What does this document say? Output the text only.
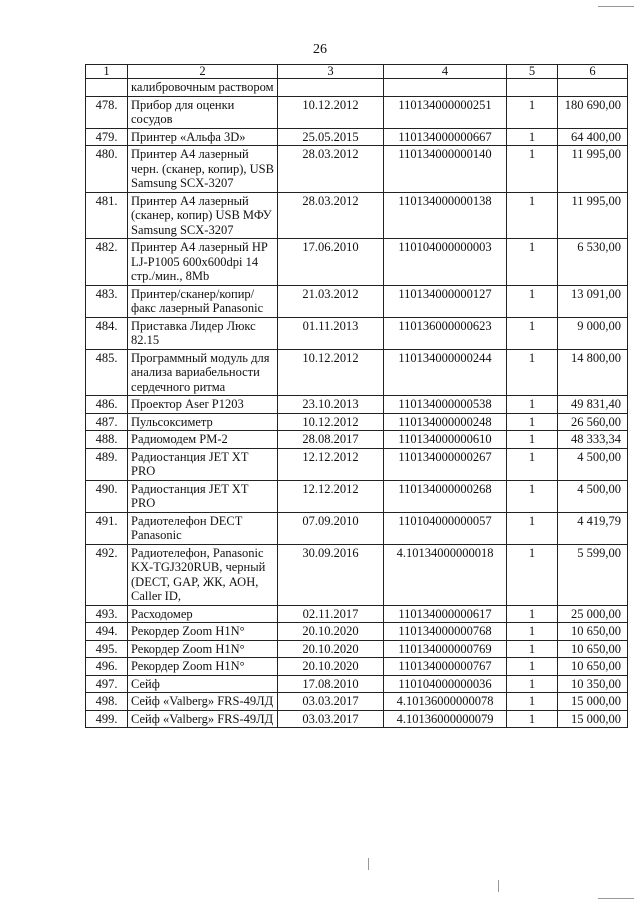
26
1	2	3	4	5	6
	калибровочным раствором				
478.	Прибор для оценки сосудов	10.12.2012	110134000000251	1	180 690,00
479.	Принтер «Альфа 3D»	25.05.2015	110134000000667	1	64 400,00
480.	Принтер А4 лазерный черн. (сканер, копир), USB Samsung SCX-3207	28.03.2012	110134000000140	1	11 995,00
481.	Принтер А4 лазерный (сканер, копир) USB МФУ Samsung SCX-3207	28.03.2012	110134000000138	1	11 995,00
482.	Принтер А4 лазерный HP LJ-P1005 600x600dpi 14 стр./мин., 8Mb	17.06.2010	110104000000003	1	6 530,00
483.	Принтер/сканер/копир/ факс лазерный Panasonic	21.03.2012	110134000000127	1	13 091,00
484.	Приставка Лидер Люкс 82.15	01.11.2013	110136000000623	1	9 000,00
485.	Программный модуль для анализа вариабельности сердечного ритма	10.12.2012	110134000000244	1	14 800,00
486.	Проектор Aser P1203	23.10.2013	110134000000538	1	49 831,40
487.	Пульсоксиметр	10.12.2012	110134000000248	1	26 560,00
488.	Радиомодем РМ-2	28.08.2017	110134000000610	1	48 333,34
489.	Радиостанция JET XT PRO	12.12.2012	110134000000267	1	4 500,00
490.	Радиостанция JET XT PRO	12.12.2012	110134000000268	1	4 500,00
491.	Радиотелефон DECT Panasonic	07.09.2010	110104000000057	1	4 419,79
492.	Радиотелефон, Panasonic KX-TGJ320RUB, черный (DECT, GAP, ЖК, АОН, Caller ID,	30.09.2016	4.10134000000018	1	5 599,00
493.	Расходомер	02.11.2017	110134000000617	1	25 000,00
494.	Рекордер Zoom H1N°	20.10.2020	110134000000768	1	10 650,00
495.	Рекордер Zoom H1N°	20.10.2020	110134000000769	1	10 650,00
496.	Рекордер Zoom H1N°	20.10.2020	110134000000767	1	10 650,00
497.	Сейф	17.08.2010	110104000000036	1	10 350,00
498.	Сейф «Valberg» FRS-49ЛД	03.03.2017	4.10136000000078	1	15 000,00
499.	Сейф «Valberg» FRS-49ЛД	03.03.2017	4.10136000000079	1	15 000,00
